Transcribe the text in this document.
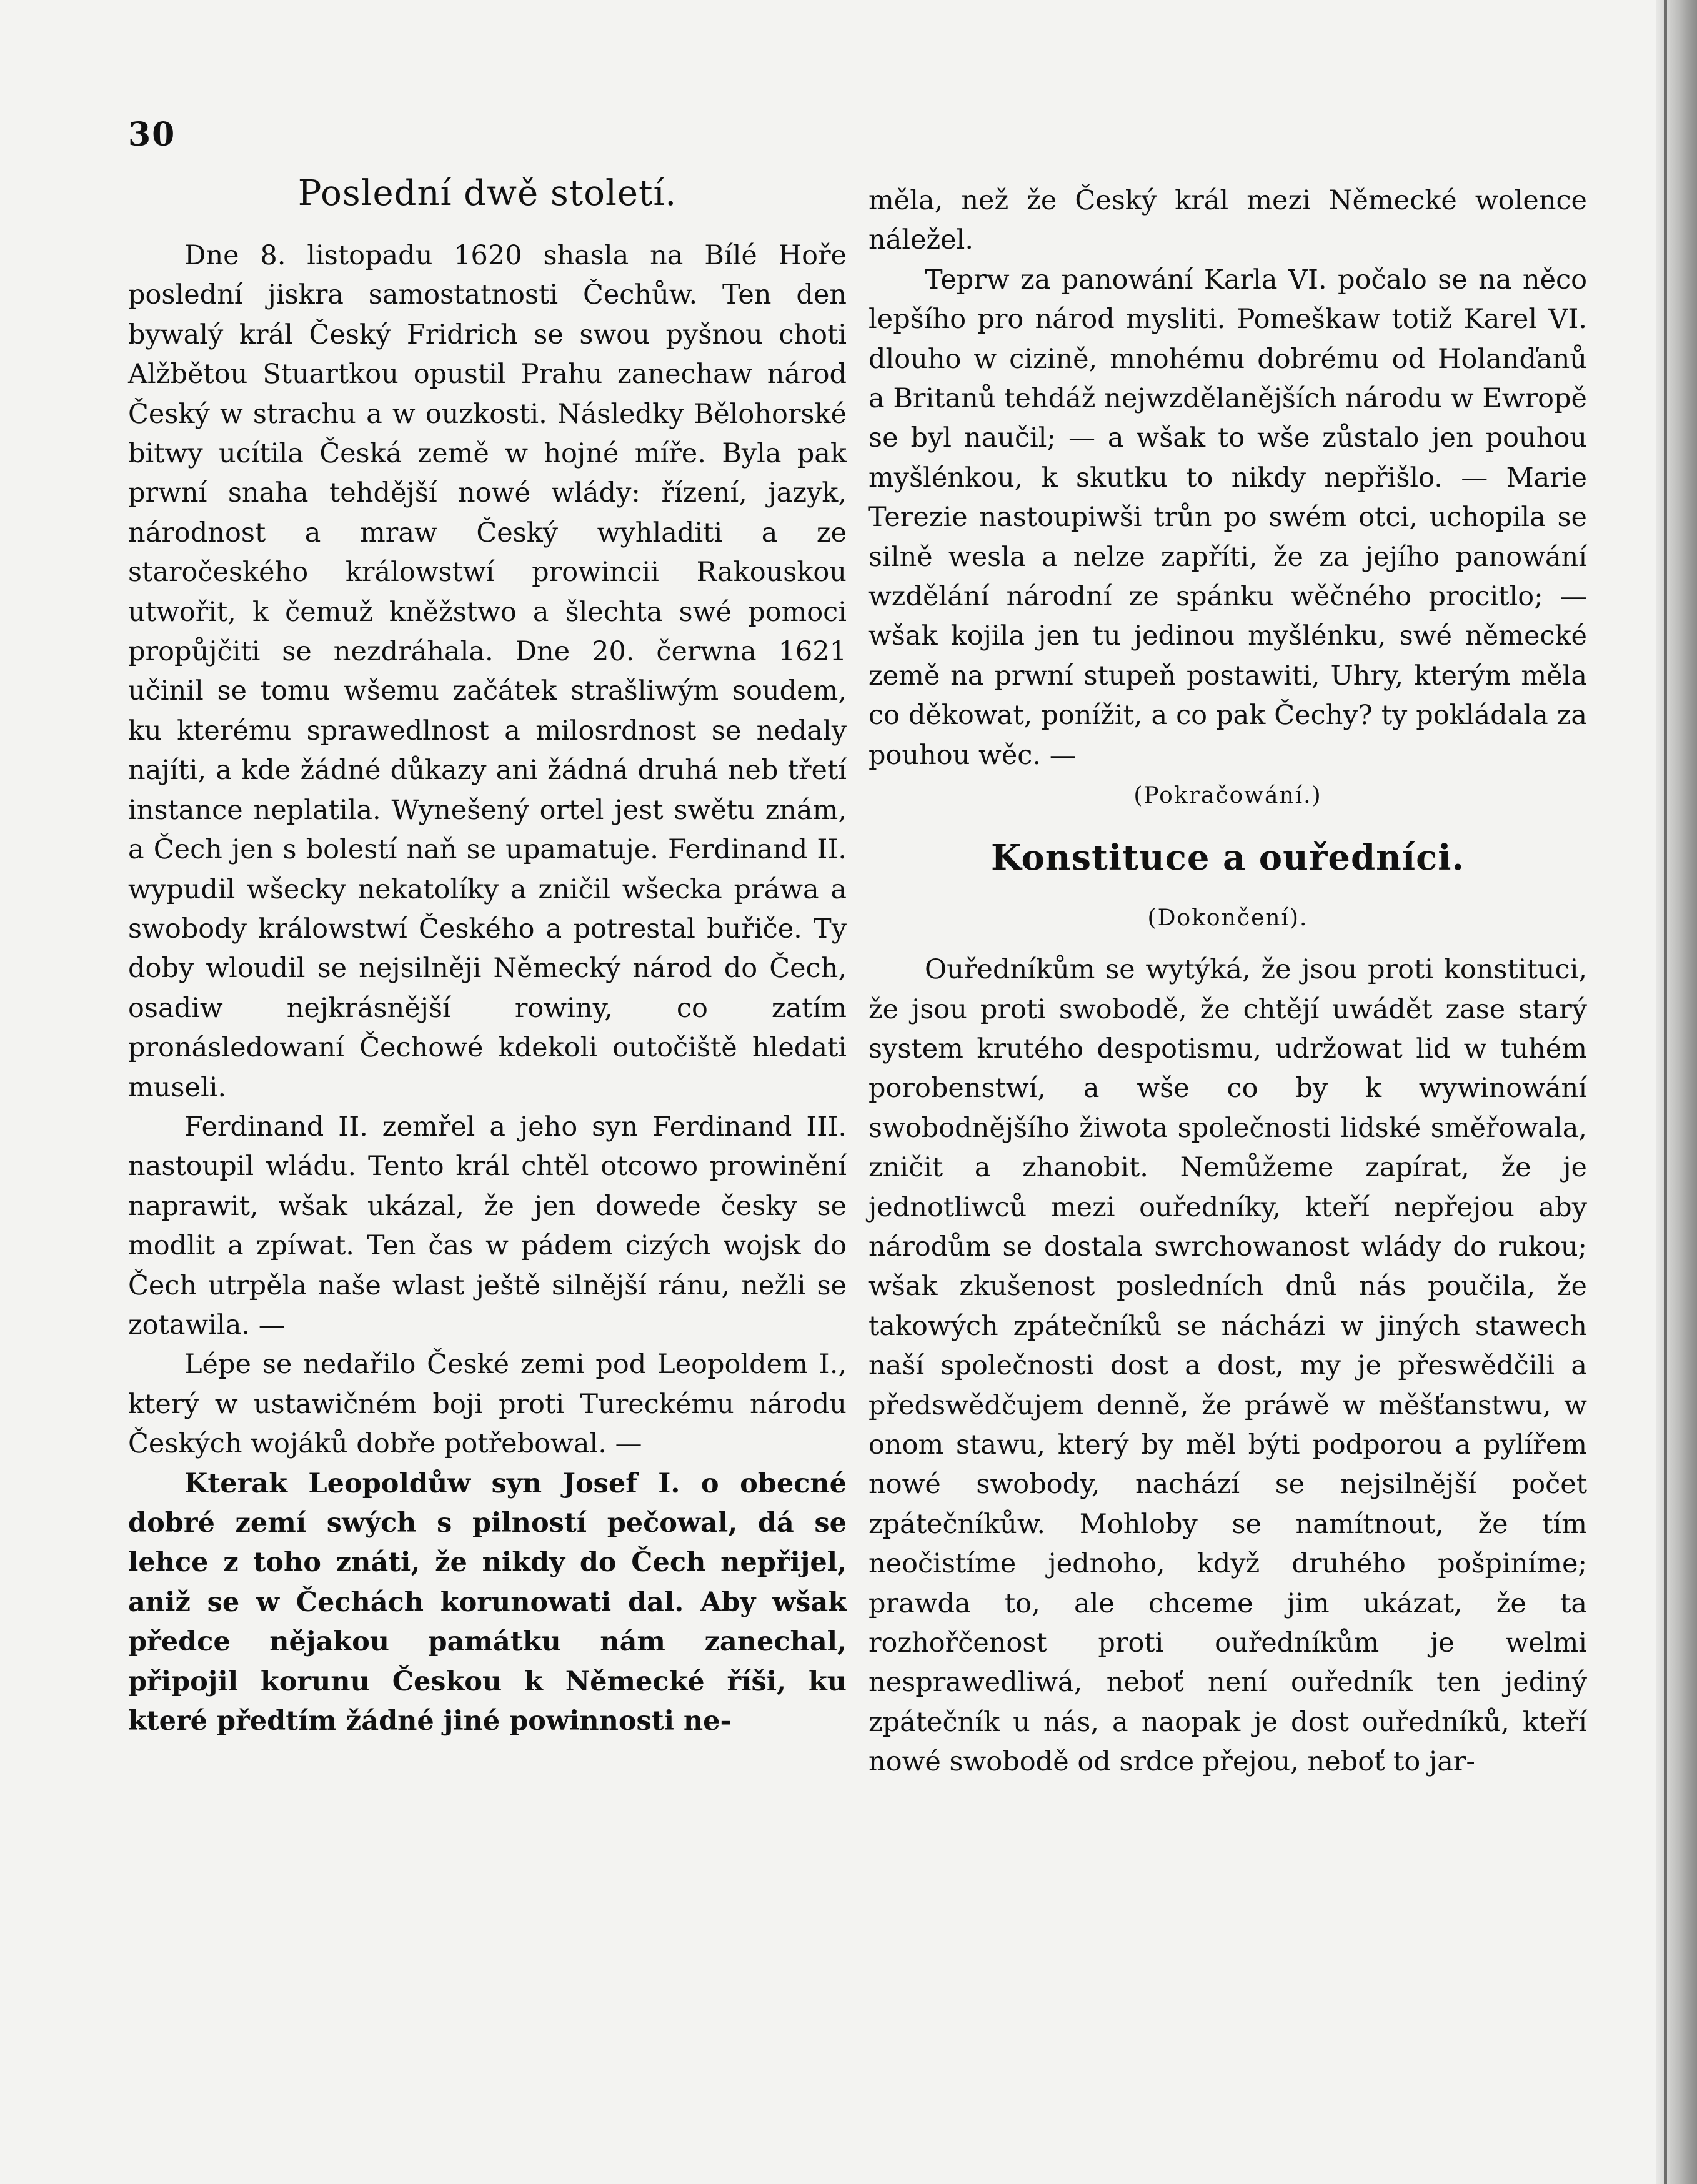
30
Poslední dwě století.

Dne 8. listopadu 1620 shasla na Bílé Hoře poslední jiskra samostatnosti Čechůw. Ten den bywalý král Český Fridrich se swou pyšnou choti Alžbětou Stuartkou opustil Prahu zanechaw národ Český w strachu a w ouzkosti. Následky Bělohorské bitwy ucítila Česká země w hojné míře. Byla pak prwní snaha tehdější nowé wlády: řízení, jazyk, národnost a mraw Český wyhladiti a ze staročeského králowstwí prowincii Rakouskou utwořit, k čemuž kněžstwo a šlechta swé pomoci propůjčiti se nezdráhala. Dne 20. čerwna 1621 učinil se tomu wšemu začátek strašliwým soudem, ku kterému sprawedlnost a milosrdnost se nedaly najíti, a kde žádné důkazy ani žádná druhá neb třetí instance neplatila. Wynešený ortel jest swětu znám, a Čech jen s bolestí naň se upamatuje. Ferdinand II. wypudil wšecky nekatolíky a zničil wšecka práwa a swobody králowstwí Českého a potrestal buřiče. Ty doby wloudil se nejsilněji Německý národ do Čech, osadiw nejkrásnější rowiny, co zatím pronásledowaní Čechowé kdekoli outočiště hledati museli.

Ferdinand II. zemřel a jeho syn Ferdinand III. nastoupil wládu. Tento král chtěl otcowo prowinění naprawit, wšak ukázal, že jen dowede česky se modlit a zpíwat. Ten čas w pádem cizých wojsk do Čech utrpěla naše wlast ještě silnější ránu, nežli se zotawila. —

Lépe se nedařilo České zemi pod Leopoldem I., který w ustawičném boji proti Tureckému národu Českých wojáků dobře potřebowal. —

Kterak Leopoldůw syn Josef I. o obecné dobré zemí swých s pilností pečowal, dá se lehce z toho znáti, že nikdy do Čech nepřijel, aniž se w Čechách korunowati dal. Aby wšak předce nějakou památku nám zanechal, připojil korunu Českou k Německé říši, ku které předtím žádné jiné powinnosti ne-

měla, než že Český král mezi Německé wolence náležel.

Teprw za panowání Karla VI. počalo se na něco lepšího pro národ mysliti. Pomeškaw totiž Karel VI. dlouho w cizině, mnohému dobrému od Holanďanů a Britanů tehdáž nejwzdělanějších národu w Ewropě se byl naučil; — a wšak to wše zůstalo jen pouhou myšlénkou, k skutku to nikdy nepřišlo. — Marie Terezie nastoupiwši trůn po swém otci, uchopila se silně wesla a nelze zapříti, že za jejího panowání wzdělání národní ze spánku wěčného procitlo; — wšak kojila jen tu jedinou myšlénku, swé německé země na prwní stupeň postawiti, Uhry, kterým měla co děkowat, ponížit, a co pak Čechy? ty pokládala za pouhou wěc. —

(Pokračowání.)

Konstituce a ouředníci.

(Dokončení).

Ouředníkům se wytýká, že jsou proti konstituci, že jsou proti swobodě, že chtějí uwádět zase starý system krutého despotismu, udržowat lid w tuhém porobenstwí, a wše co by k wywinowání swobodnějšího žiwota společnosti lidské směřowala, zničit a zhanobit. Nemůžeme zapírat, že je jednotliwců mezi ouředníky, kteří nepřejou aby národům se dostala swrchowanost wlády do rukou; wšak zkušenost posledních dnů nás poučila, že takowých zpátečníků se nácházi w jiných stawech naší společnosti dost a dost, my je přeswědčili a předswědčujem denně, že práwě w měšťanstwu, w onom stawu, který by měl býti podporou a pylířem nowé swobody, nachází se nejsilnější počet zpátečníkůw. Mohloby se namítnout, že tím neočistíme jednoho, když druhého pošpiníme; prawda to, ale chceme jim ukázat, že ta rozhořčenost proti ouředníkům je welmi nesprawedliwá, neboť není ouředník ten jediný zpátečník u nás, a naopak je dost ouředníků, kteří nowé swobodě od srdce přejou, neboť to jar-
